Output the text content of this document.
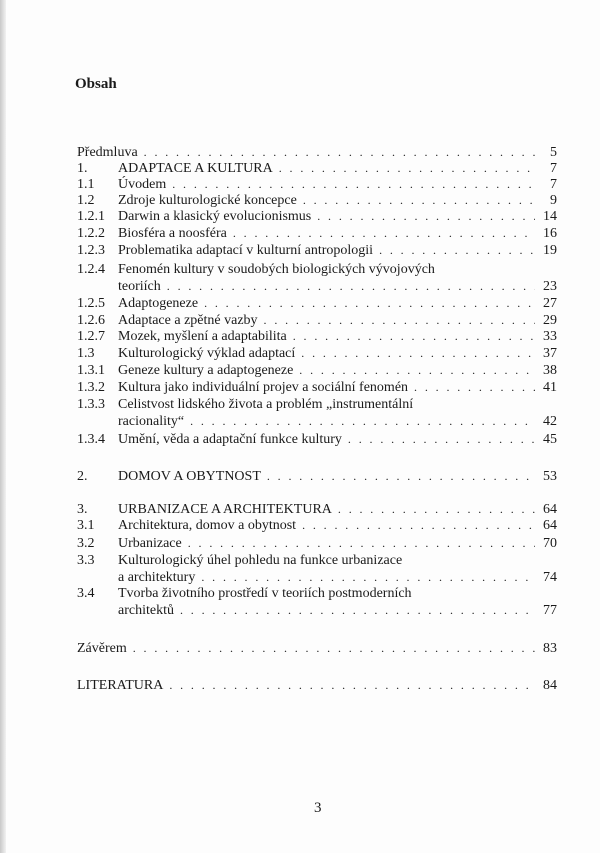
Obsah
Předmluva . . .	5
1.	ADAPTACE A KULTURA . . .	7
1.1	Úvodem . . .	7
1.2	Zdroje kulturologické koncepce . . .	9
1.2.1 Darwin a klasický evolucionismus . . .	14
1.2.2 Biosféra a noosféra . . .	16
1.2.3 Problematika adaptací v kulturní antropologii . . .	19
1.2.4 Fenomén kultury v soudobých biologických vývojových
teoriích . . .	23
1.2.5 Adaptogeneze . . .	27
1.2.6 Adaptace a zpětné vazby . . .	29
1.2.7 Mozek, myšlení a adaptabilita . . .	33
1.3	Kulturologický výklad adaptací . . .	37
1.3.1 Geneze kultury a adaptogeneze . . .	38
1.3.2 Kultura jako individuální projev a sociální fenomén . . .	41
1.3.3 Celistvost lidského života a problém „instrumentální
racionality“ . . .	42
1.3.4 Umění, věda a adaptační funkce kultury . . .	45
2.	DOMOV A OBYTNOST . . .	53
3.	URBANIZACE A ARCHITEKTURA . . .	64
3.1	Architektura, domov a obytnost . . .	64
3.2	Urbanizace . . .	70
3.3	Kulturologický úhel pohledu na funkce urbanizace
a architektury . . .	74
3.4	Tvorba životního prostředí v teoriích postmoderních
architektů . . .	77
Závěrem . . .	83
LITERATURA . . .	84
3
